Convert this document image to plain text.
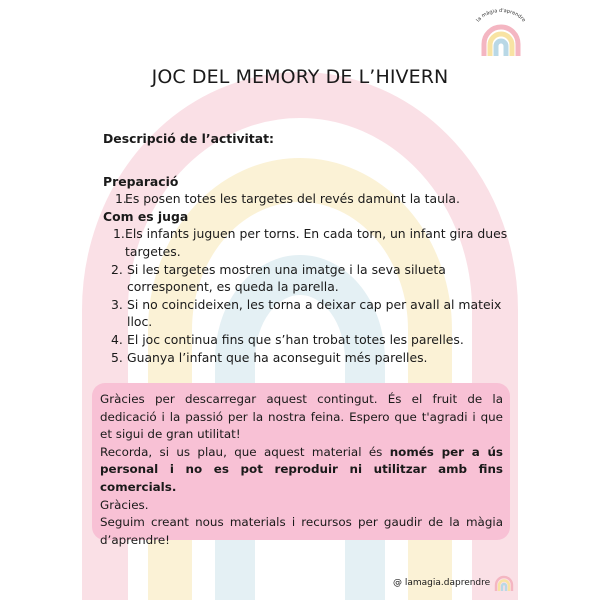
la màgia d'aprendre
JOC DEL MEMORY DE L’HIVERN
Descripció de l’activitat:
Preparació
1.
Es posen totes les targetes del revés damunt la taula.
Com es juga
1. Els infants juguen per torns. En cada torn, un infant gira dues targetes.
2. Si les targetes mostren una imatge i la seva silueta corresponent, es queda la parella.
3. Si no coincideixen, les torna a deixar cap per avall al mateix lloc.
4. El joc continua fins que s’han trobat totes les parelles.
5. Guanya l’infant que ha aconseguit més parelles.

Gràcies per descarregar aquest contingut. És el fruit de la dedicació i la passió per la nostra feina. Espero que t'agradi i que et sigui de gran utilitat!

Recorda, si us plau, que aquest material és només per a ús personal i no es pot reproduir ni utilitzar amb fins comercials.

Gràcies.

Seguim creant nous materials i recursos per gaudir de la màgia d’aprendre!

@ lamagia.daprendre
